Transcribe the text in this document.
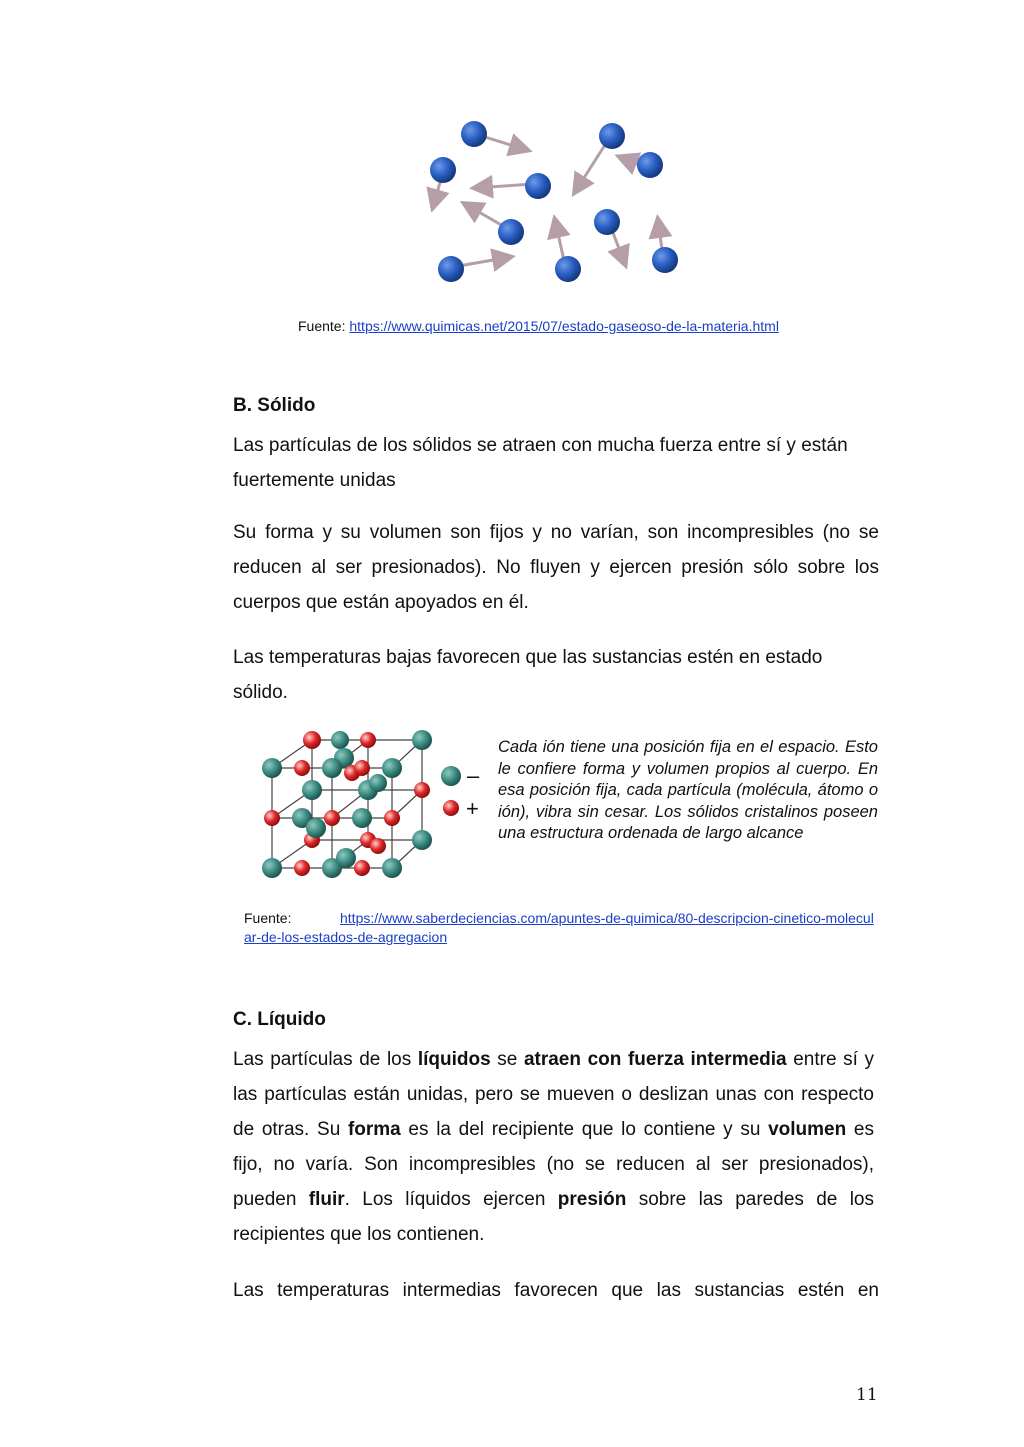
Fuente: https://www.quimicas.net/2015/07/estado-gaseoso-de-la-materia.html
B. Sólido

Las partículas de los sólidos se atraen con mucha fuerza entre sí y están fuertemente unidas

Su forma y su volumen son fijos y no varían, son incompresibles (no se reducen al ser presionados). No fluyen y ejercen presión sólo sobre los cuerpos que están apoyados en él.

Las temperaturas bajas favorecen que las sustancias estén en estado sólido.

–
+

Cada ión tiene una posición fija en el espacio. Esto le confiere forma y volumen propios al cuerpo. En esa posición fija, cada partícula (molécula, átomo o ión), vibra sin cesar. Los sólidos cristalinos poseen una estructura ordenada de largo alcance

Fuente:	https://www.saberdeciencias.com/apuntes-de-quimica/80-descripcion-cinetico-molecular-de-los-estados-de-agregacion
C. Líquido

Las partículas de los líquidos se atraen con fuerza intermedia entre sí y las partículas están unidas, pero se mueven o deslizan unas con respecto de otras. Su forma es la del recipiente que lo contiene y su volumen es fijo, no varía. Son incompresibles (no se reducen al ser presionados), pueden fluir. Los líquidos ejercen presión sobre las paredes de los recipientes que los contienen.

Las temperaturas intermedias favorecen que las sustancias estén en

11
